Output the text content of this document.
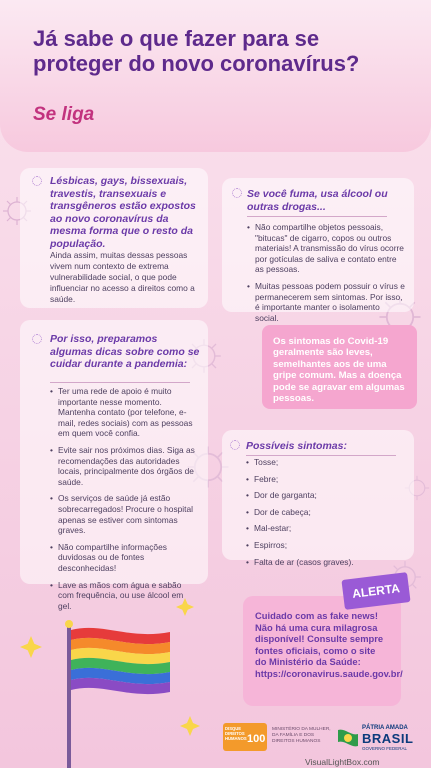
Já sabe o que fazer para se proteger do novo coronavírus?
Se liga
Lésbicas, gays, bissexuais, travestis, transexuais e transgêneros estão expostos ao novo coronavírus da mesma forma que o resto da população.
Ainda assim, muitas dessas pessoas vivem num contexto de extrema vulnerabilidade social, o que pode influenciar no acesso a direitos como a saúde.
Se você fuma, usa álcool ou outras drogas...
• Não compartilhe objetos pessoais, "bitucas" de cigarro, copos ou outros materiais! A transmissão do vírus ocorre por gotículas de saliva e contato entre as pessoas.
• Muitas pessoas podem possuir o vírus e permanecerem sem sintomas. Por isso, é importante manter o isolamento social.
Por isso, preparamos algumas dicas sobre como se cuidar durante a pandemia:
• Ter uma rede de apoio é muito importante nesse momento. Mantenha contato (por telefone, e-mail, redes sociais) com as pessoas em quem você confia.
• Evite sair nos próximos dias. Siga as recomendações das autoridades locais, principalmente dos órgãos de saúde.
• Os serviços de saúde já estão sobrecarregados! Procure o hospital apenas se estiver com sintomas graves.
• Não compartilhe informações duvidosas ou de fontes desconhecidas!
• Lave as mãos com água e sabão com frequência, ou use álcool em gel.
Os sintomas do Covid-19 geralmente são leves, semelhantes aos de uma gripe comum. Mas a doença pode se agravar em algumas pessoas.
Possíveis sintomas:
• Tosse;
• Febre;
• Dor de garganta;
• Dor de cabeça;
• Mal-estar;
• Espirros;
• Falta de ar (casos graves).
Cuidado com as fake news! Não há uma cura milagrosa disponível! Consulte sempre fontes oficiais, como o site do Ministério da Saúde: https://coronavirus.saude.gov.br/
ALERTA
DISQUE DIREITOS HUMANOS 100
MINISTÉRIO DA MULHER, DA FAMÍLIA E DOS DIREITOS HUMANOS
PÁTRIA AMADA
BRASIL
GOVERNO FEDERAL
VisualLightBox.com
